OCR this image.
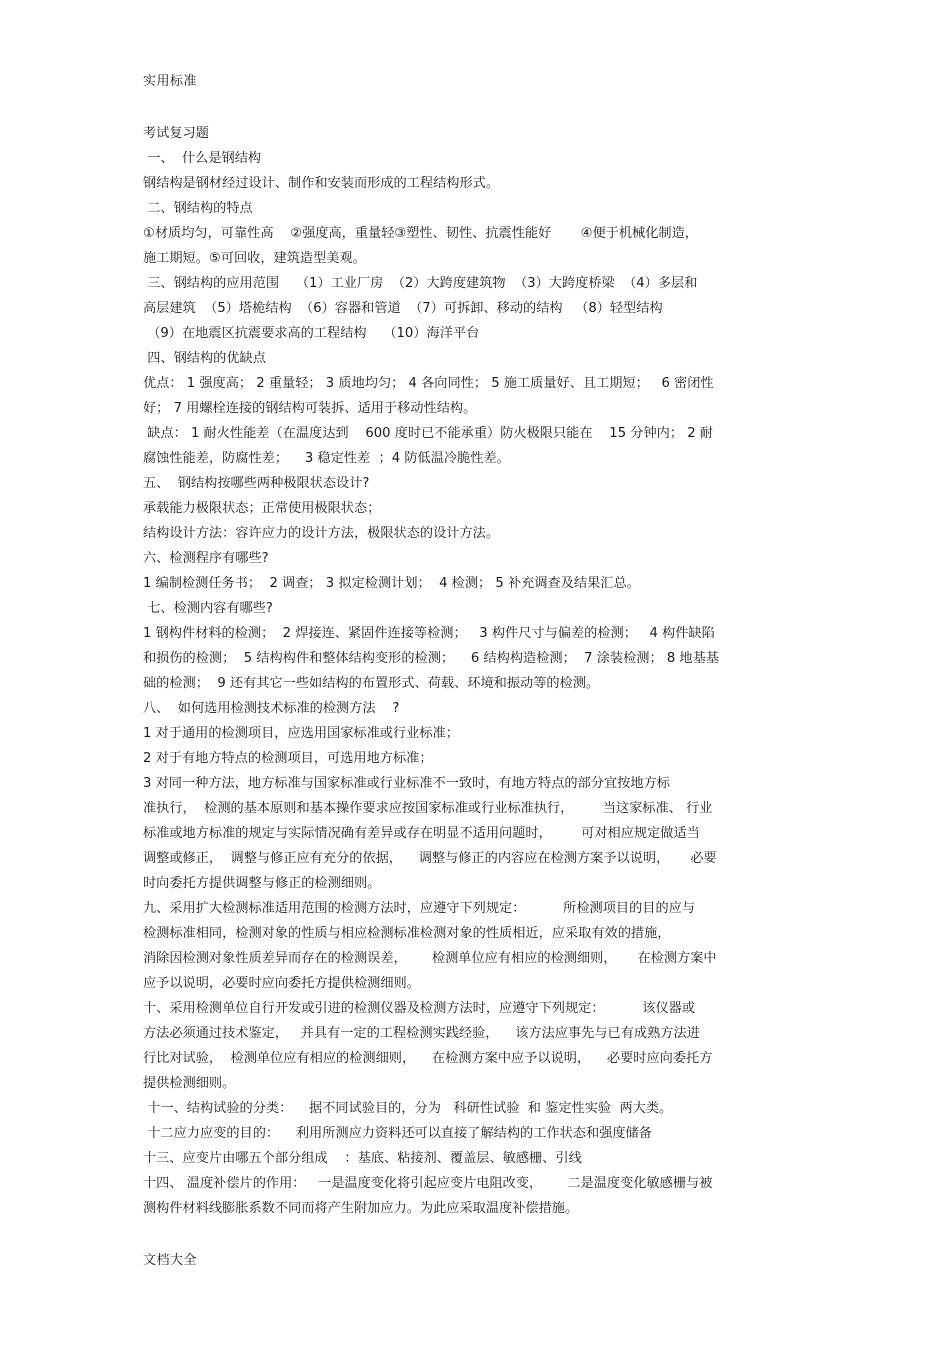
实用标准
考试复习题
一、  什么是钢结构
钢结构是钢材经过设计、制作和安装而形成的工程结构形式。
二、钢结构的特点
①材质均匀，可靠性高    ②强度高，重量轻③塑性、韧性、抗震性能好       ④便于机械化制造，
施工期短。⑤可回收，建筑造型美观。
三、钢结构的应用范围    （1）工业厂房  （2）大跨度建筑物  （3）大跨度桥梁  （4）多层和
高层建筑  （5）塔桅结构  （6）容器和管道  （7）可拆卸、移动的结构   （8）轻型结构
（9）在地震区抗震要求高的工程结构    （10）海洋平台
四、钢结构的优缺点
优点： 1 强度高； 2 重量轻； 3 质地均匀； 4 各向同性； 5 施工质量好、且工期短；   6 密闭性
好； 7 用螺栓连接的钢结构可装拆、适用于移动性结构。
缺点： 1 耐火性能差（在温度达到    600 度时已不能承重）防火极限只能在    15 分钟内； 2 耐
腐蚀性能差，防腐性差；    3 稳定性差  ；4 防低温冷脆性差。
五、  钢结构按哪些两种极限状态设计?
承载能力极限状态；正常使用极限状态；
结构设计方法：容许应力的设计方法，极限状态的设计方法。
六、检测程序有哪些?
1 编制检测任务书；  2 调查； 3 拟定检测计划；  4 检测； 5 补充调查及结果汇总。
七、检测内容有哪些?
1 钢构件材料的检测；  2 焊接连、紧固件连接等检测；   3 构件尺寸与偏差的检测；   4 构件缺陷
和损伤的检测；  5 结构构件和整体结构变形的检测；    6 结构构造检测；  7 涂装检测； 8 地基基
础的检测；  9 还有其它一些如结构的布置形式、荷载、环境和振动等的检测。
八、  如何选用检测技术标准的检测方法    ?
1 对于通用的检测项目，应选用国家标准或行业标准；
2 对于有地方特点的检测项目，可选用地方标准；
3 对同一种方法，地方标准与国家标准或行业标准不一致时，有地方特点的部分宜按地方标
准执行，  检测的基本原则和基本操作要求应按国家标准或行业标准执行，       当这家标准、 行业
标准或地方标准的规定与实际情况确有差异或存在明显不适用问题时，       可对相应规定做适当
调整或修正，  调整与修正应有充分的依据，    调整与修正的内容应在检测方案予以说明，     必要
时向委托方提供调整与修正的检测细则。
九、采用扩大检测标准适用范围的检测方法时，应遵守下列规定：         所检测项目的目的应与
检测标准相同，检测对象的性质与相应检测标准检测对象的性质相近，应采取有效的措施，
消除因检测对象性质差异而存在的检测误差，      检测单位应有相应的检测细则，     在检测方案中
应予以说明，必要时应向委托方提供检测细则。
十、采用检测单位自行开发或引进的检测仪器及检测方法时，应遵守下列规定：         该仪器或
方法必须通过技术鉴定，   并具有一定的工程检测实践经验，    该方法应事先与已有成熟方法进
行比对试验，  检测单位应有相应的检测细则，    在检测方案中应予以说明，    必要时应向委托方
提供检测细则。
十一、结构试验的分类：    据不同试验目的，分为   科研性试验  和 鉴定性实验  两大类。
十二应力应变的目的：    利用所测应力资料还可以直接了解结构的工作状态和强度储备
十三、应变片由哪五个部分组成    ：基底、粘接剂、覆盖层、敏感栅、引线
十四、 温度补偿片的作用：   一是温度变化将引起应变片电阻改变，      二是温度变化敏感栅与被
测构件材料线膨胀系数不同而将产生附加应力。为此应采取温度补偿措施。
文档大全
